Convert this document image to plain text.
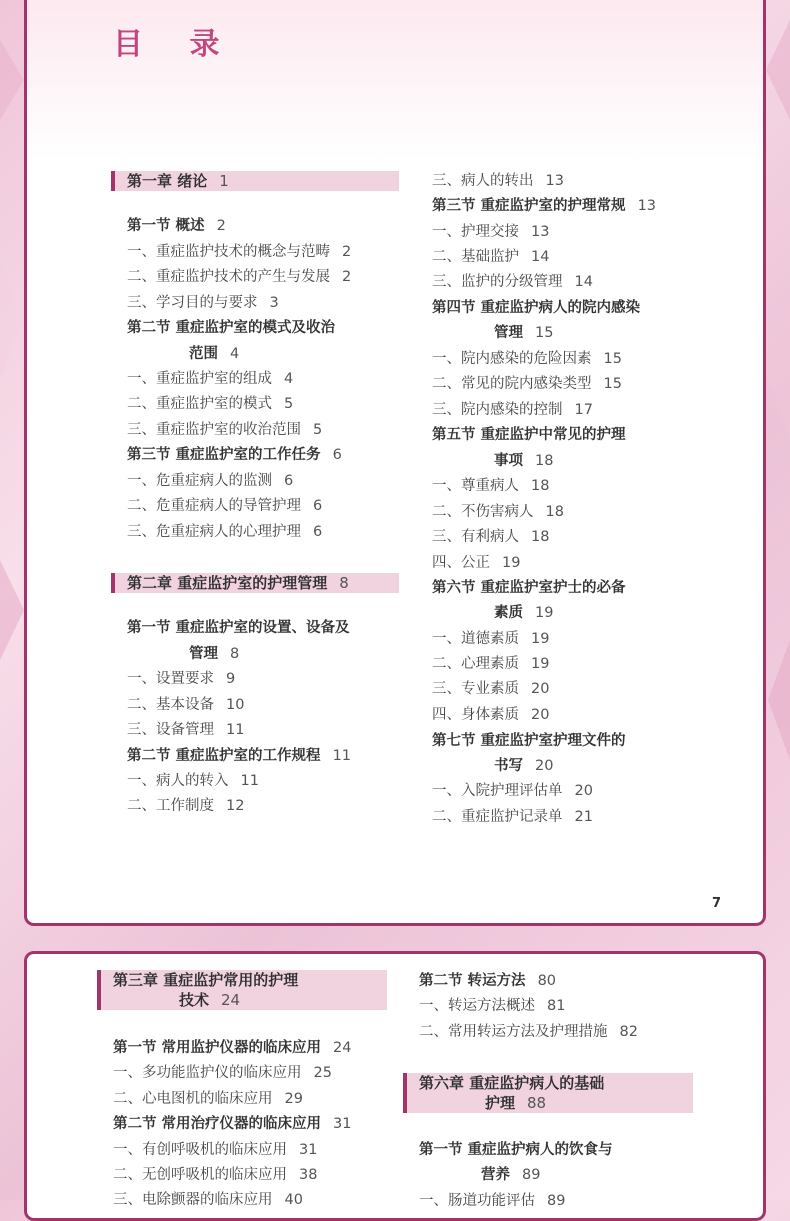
目 录
第一章 绪论 1
第一节 概述 2
一、重症监护技术的概念与范畴 2
二、重症监护技术的产生与发展 2
三、学习目的与要求 3
第二节 重症监护室的模式及收治
范围 4
一、重症监护室的组成 4
二、重症监护室的模式 5
三、重症监护室的收治范围 5
第三节 重症监护室的工作任务 6
一、危重症病人的监测 6
二、危重症病人的导管护理 6
三、危重症病人的心理护理 6
第二章 重症监护室的护理管理 8
第一节 重症监护室的设置、设备及
管理 8
一、设置要求 9
二、基本设备 10
三、设备管理 11
第二节 重症监护室的工作规程 11
一、病人的转入 11
二、工作制度 12
三、病人的转出 13
第三节 重症监护室的护理常规 13
一、护理交接 13
二、基础监护 14
三、监护的分级管理 14
第四节 重症监护病人的院内感染
管理 15
一、院内感染的危险因素 15
二、常见的院内感染类型 15
三、院内感染的控制 17
第五节 重症监护中常见的护理
事项 18
一、尊重病人 18
二、不伤害病人 18
三、有利病人 18
四、公正 19
第六节 重症监护室护士的必备
素质 19
一、道德素质 19
二、心理素质 19
三、专业素质 20
四、身体素质 20
第七节 重症监护室护理文件的
书写 20
一、入院护理评估单 20
二、重症监护记录单 21
7
第三章 重症监护常用的护理
技术 24
第一节 常用监护仪器的临床应用 24
一、多功能监护仪的临床应用 25
二、心电图机的临床应用 29
第二节 常用治疗仪器的临床应用 31
一、有创呼吸机的临床应用 31
二、无创呼吸机的临床应用 38
三、电除颤器的临床应用 40
第二节 转运方法 80
一、转运方法概述 81
二、常用转运方法及护理措施 82
第六章 重症监护病人的基础
护理 88
第一节 重症监护病人的饮食与
营养 89
一、肠道功能评估 89
